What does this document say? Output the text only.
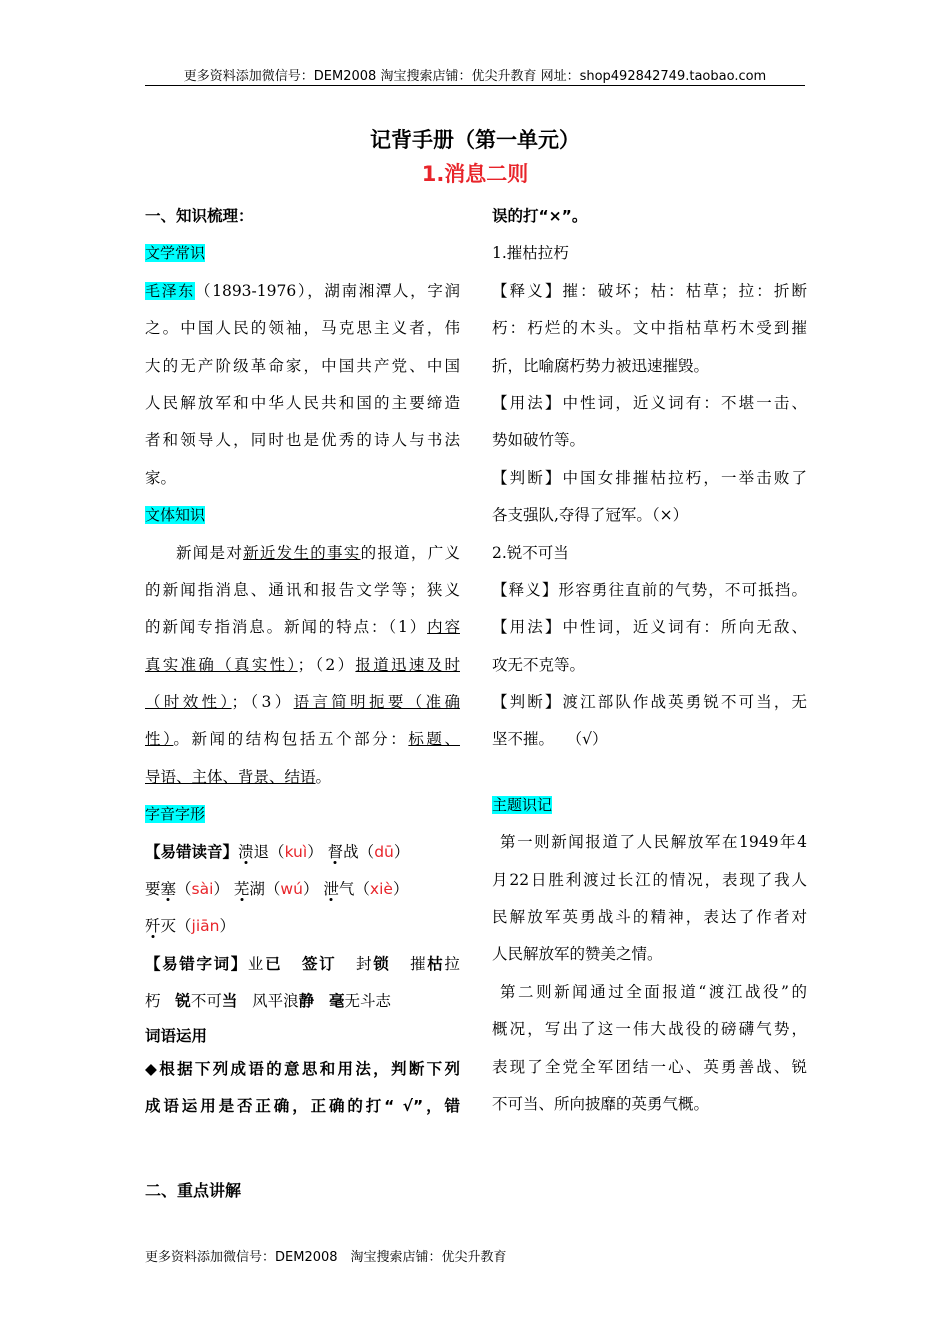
更多资料添加微信号：DEM2008 淘宝搜索店铺：优尖升教育 网址：shop492842749.taobao.com
记背手册（第一单元）
1.消息二则
一、知识梳理：
文学常识
毛泽东（1893-1976），湖南湘潭人，字润
之。中国人民的领袖，马克思主义者，伟
大的无产阶级革命家，中国共产党、中国
人民解放军和中华人民共和国的主要缔造
者和领导人，同时也是优秀的诗人与书法
家。
文体知识
新闻是对新近发生的事实的报道，广义
的新闻指消息、通讯和报告文学等；狭义
的新闻专指消息。新闻的特点：（1）内容
真实准确（真实性）；（2）报道迅速及时
（时效性）；（3）语言简明扼要（准确
性）。新闻的结构包括五个部分：标题、
导语、主体、背景、结语。
字音字形
【易错读音】溃退（kuì） 督战（dū）
要塞（sài） 芜湖（wú） 泄气（xiè）
歼灭（jiān）
【易错字词】业已 签订 封锁 摧枯拉
朽 锐不可当 风平浪静 毫无斗志
词语运用
◆根据下列成语的意思和用法，判断下列
成语运用是否正确，正确的打“ √”，错
误的打“×”。
1.摧枯拉朽
【释义】摧：破坏；枯：枯草；拉：折断
朽：朽烂的木头。文中指枯草朽木受到摧
折，比喻腐朽势力被迅速摧毁。
【用法】中性词，近义词有：不堪一击、
势如破竹等。
【判断】中国女排摧枯拉朽，一举击败了
各支强队,夺得了冠军。（×）
2.锐不可当
【释义】形容勇往直前的气势，不可抵挡。
【用法】中性词，近义词有：所向无敌、
攻无不克等。
【判断】渡江部队作战英勇锐不可当，无
坚不摧。　 （√）
主题识记
第一则新闻报道了人民解放军在1949年4
月22日胜利渡过长江的情况，表现了我人
民解放军英勇战斗的精神，表达了作者对
人民解放军的赞美之情。
第二则新闻通过全面报道“渡江战役”的
概况，写出了这一伟大战役的磅礴气势，
表现了全党全军团结一心、英勇善战、锐
不可当、所向披靡的英勇气概。
二、重点讲解
更多资料添加微信号：DEM2008　淘宝搜索店铺：优尖升教育
